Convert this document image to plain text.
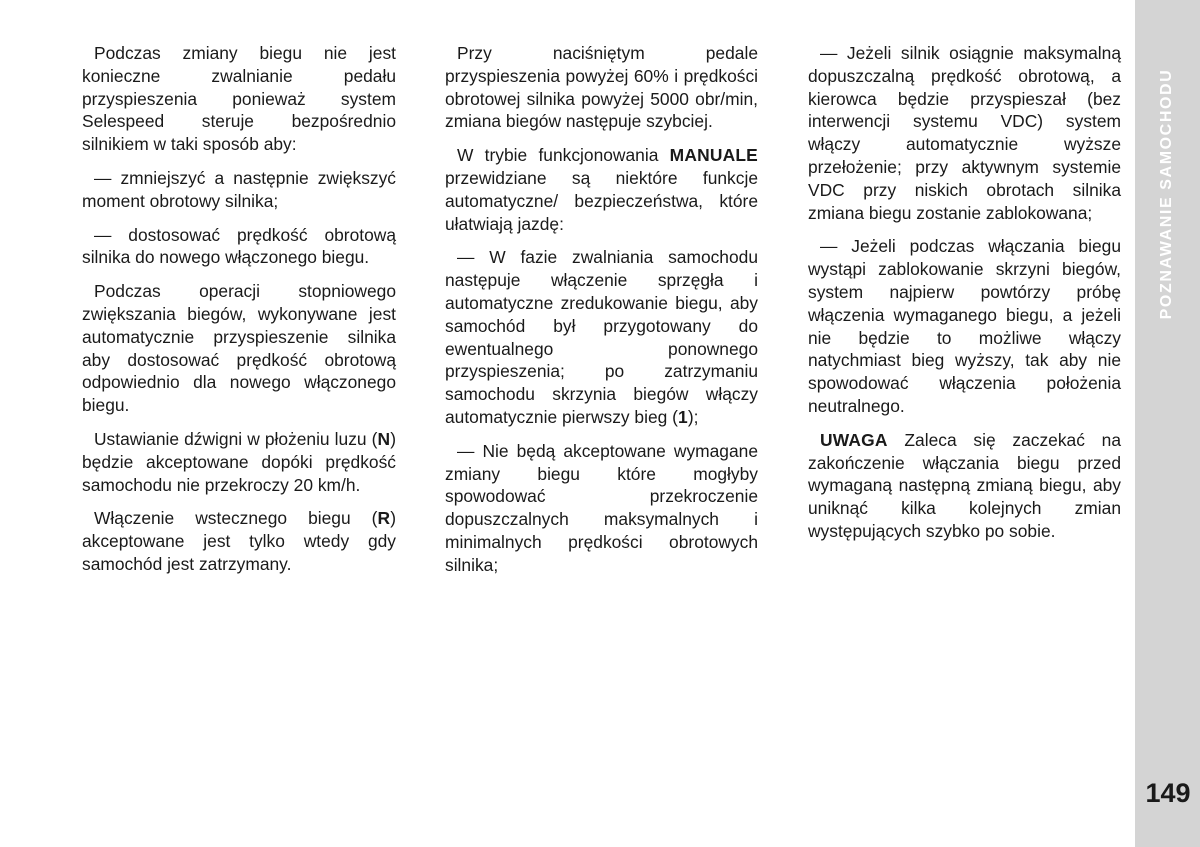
POZNAWANIE SAMOCHODU
149

Podczas zmiany biegu nie jest konieczne zwalnianie pedału przyspieszenia ponieważ system Selespeed steruje bezpośrednio silnikiem w taki sposób aby:

— zmniejszyć a następnie zwiększyć moment obrotowy silnika;

— dostosować prędkość obrotową silnika do nowego włączonego biegu.

Podczas operacji stopniowego zwiększania biegów, wykonywane jest automatycznie przyspieszenie silnika aby dostosować prędkość obrotową odpowiednio dla nowego włączonego biegu.

Ustawianie dźwigni w płożeniu luzu (N) będzie akceptowane dopóki prędkość samochodu nie przekroczy 20 km/h.

Włączenie wstecznego biegu (R) akceptowane jest tylko wtedy gdy samochód jest zatrzymany.

Przy naciśniętym pedale przyspieszenia powyżej 60% i prędkości obrotowej silnika powyżej 5000 obr/min, zmiana biegów następuje szybciej.

W trybie funkcjonowania MANUALE przewidziane są niektóre funkcje automatyczne/ bezpieczeństwa, które ułatwiają jazdę:

— W fazie zwalniania samochodu następuje włączenie sprzęgła i automatyczne zredukowanie biegu, aby samochód był przygotowany do ewentualnego ponownego przyspieszenia; po zatrzymaniu samochodu skrzynia biegów włączy automatycznie pierwszy bieg (1);

— Nie będą akceptowane wymagane zmiany biegu które mogłyby spowodować przekroczenie dopuszczalnych maksymalnych i minimalnych prędkości obrotowych silnika;

— Jeżeli silnik osiągnie maksymalną dopuszczalną prędkość obrotową, a kierowca będzie przyspieszał (bez interwencji systemu VDC) system włączy automatycznie wyższe przełożenie; przy aktywnym systemie VDC przy niskich obrotach silnika zmiana biegu zostanie zablokowana;

— Jeżeli podczas włączania biegu wystąpi zablokowanie skrzyni biegów, system najpierw powtórzy próbę włączenia wymaganego biegu, a jeżeli nie będzie to możliwe włączy natychmiast bieg wyższy, tak aby nie spowodować włączenia położenia neutralnego.

UWAGA Zaleca się zaczekać na zakończenie włączania biegu przed wymaganą następną zmianą biegu, aby uniknąć kilka kolejnych zmian występujących szybko po sobie.
